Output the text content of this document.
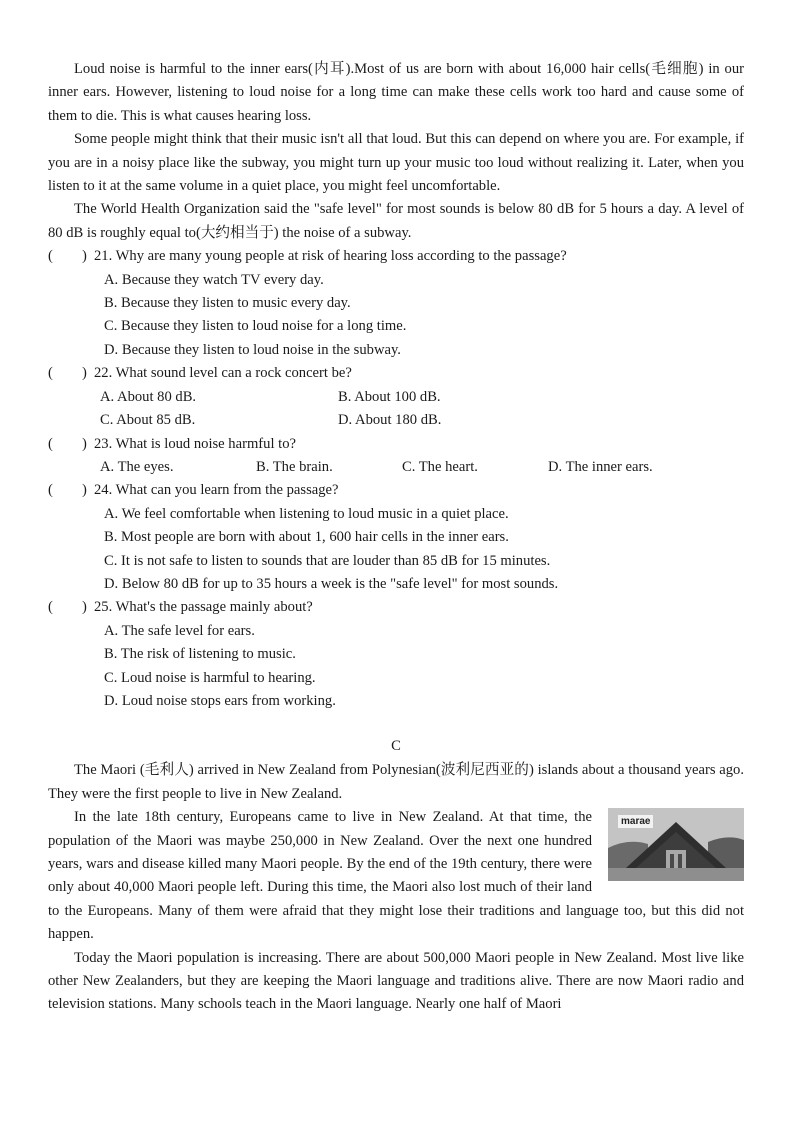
Loud noise is harmful to the inner ears(内耳).Most of us are born with about 16,000 hair cells(毛细胞) in our inner ears. However, listening to loud noise for a long time can make these cells work too hard and cause some of them to die. This is what causes hearing loss.

Some people might think that their music isn't all that loud. But this can depend on where you are. For example, if you are in a noisy place like the subway, you might turn up your music too loud without realizing it. Later, when you listen to it at the same volume in a quiet place, you might feel uncomfortable.

The World Health Organization said the "safe level" for most sounds is below 80 dB for 5 hours a day. A level of 80 dB is roughly equal to(大约相当于) the noise of a subway.

(　　) 21. Why are many young people at risk of hearing loss according to the passage?

A. Because they watch TV every day.

B. Because they listen to music every day.

C. Because they listen to loud noise for a long time.

D. Because they listen to loud noise in the subway.

(　　) 22. What sound level can a rock concert be?
A. About 80 dB.	B. About 100 dB.
C. About 85 dB.	D. About 180 dB.
(　　) 23. What is loud noise harmful to?
A. The eyes.	B. The brain.	C. The heart.	D. The inner ears.
(　　) 24. What can you learn from the passage?

A. We feel comfortable when listening to loud music in a quiet place.

B. Most people are born with about 1, 600 hair cells in the inner ears.

C. It is not safe to listen to sounds that are louder than 85 dB for 15 minutes.

D. Below 80 dB for up to 35 hours a week is the "safe level" for most sounds.

(　　) 25. What's the passage mainly about?

A. The safe level for ears.

B. The risk of listening to music.

C. Loud noise is harmful to hearing.

D. Loud noise stops ears from working.

C

The Maori (毛利人) arrived in New Zealand from Polynesian(波利尼西亚的) islands about a thousand years ago. They were the first people to live in New Zealand.

marae

In the late 18th century, Europeans came to live in New Zealand. At that time, the population of the Maori was maybe 250,000 in New Zealand. Over the next one hundred years, wars and disease killed many Maori people. By the end of the 19th century, there were only about 40,000 Maori people left. During this time, the Maori also lost much of their land to the Europeans. Many of them were afraid that they might lose their traditions and language too, but this did not happen.

Today the Maori population is increasing. There are about 500,000 Maori people in New Zealand. Most live like other New Zealanders, but they are keeping the Maori language and traditions alive. There are now Maori radio and television stations. Many schools teach in the Maori language. Nearly one half of Maori
